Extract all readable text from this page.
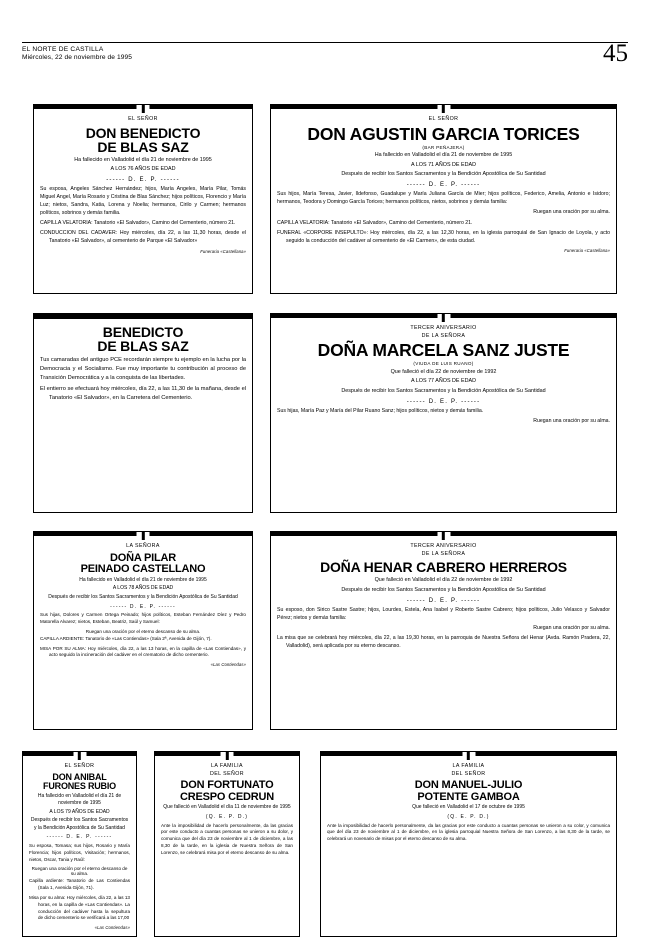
EL NORTE DE CASTILLA
Miércoles, 22 de noviembre de 1995	45
EL SEÑOR
DON BENEDICTO
DE BLAS SAZ
Ha fallecido en Valladolid el día 21 de noviembre de 1995
A LOS 76 AÑOS DE EDAD
------ D. E. P. ------
Su esposa, Angeles Sánchez Hernández; hijos, María Angeles, María Pilar, Tomás Miguel Angel, María Rosario y Cristina de Blas Sánchez; hijos políticos, Florencio y María Luz; nietos, Sandra, Katia, Lorena y Noelia; hermanos, Cirilo y Carmen; hermanos políticos, sobrinos y demás familia.
CAPILLA VELATORIA: Tanatorio «El Salvador», Camino del Cementerio, número 21.
CONDUCCION DEL CADAVER: Hoy miércoles, día 22, a las 11,30 horas, desde el Tanatorio «El Salvador», al cementerio de Parque «El Salvador»
Funeraria «Castellana»
EL SEÑOR
DON AGUSTIN GARCIA TORICES
(BAR PEÑAJERA)
Ha fallecido en Valladolid el día 21 de noviembre de 1995
A LOS 71 AÑOS DE EDAD
Después de recibir los Santos Sacramentos y la Bendición Apostólica de Su Santidad
------ D. E. P. ------
Sus hijos, María Teresa, Javier, Ildefonso, Guadalupe y María Juliana García de Mier; hijos políticos, Federico, Amelia, Antonio e Isidoro; hermanos, Teodora y Domingo García Torices; hermanos políticos, nietos, sobrinos y demás familia:
Ruegan una oración por su alma.
CAPILLA VELATORIA: Tanatorio «El Salvador», Camino del Cementerio, número 21.
FUNERAL «CORPORE INSEPULTO»: Hoy miércoles, día 22, a las 12,30 horas, en la iglesia parroquial de San Ignacio de Loyola, y acto seguido la conducción del cadáver al cementerio de «El Carmen», de esta ciudad.
Funeraria «Castellana»
BENEDICTO
DE BLAS SAZ
Tus camaradas del antiguo PCE recordarán siempre tu ejemplo en la lucha por la Democracia y el Socialismo. Fue muy importante tu contribución al proceso de Transición Democrática y a la conquista de las libertades.
El entierro se efectuará hoy miércoles, día 22, a las 11,30 de la mañana, desde el Tanatorio «El Salvador», en la Carretera del Cementerio.
TERCER ANIVERSARIO
DE LA SEÑORA
DOÑA MARCELA SANZ JUSTE
(VIUDA DE LUIS RUANO)
Que falleció el día 22 de noviembre de 1992
A LOS 77 AÑOS DE EDAD
Después de recibir los Santos Sacramentos y la Bendición Apostólica de Su Santidad
------ D. E. P. ------
Sus hijas, María Paz y María del Pilar Ruano Sanz; hijos políticos, nietos y demás familia.
Ruegan una oración por su alma.
LA SEÑORA
DOÑA PILAR
PEINADO CASTELLANO
Ha fallecido en Valladolid el día 21 de noviembre de 1995
A LOS 78 AÑOS DE EDAD
Después de recibir los Santos Sacramentos y la Bendición Apostólica de Su Santidad
------ D. E. P. ------
Sus hijas, Dolores y Carmen Ortega Peinado; hijos políticos, Esteban Fernández Díez y Pedro Matorella Alvarez; nietos, Esteban, Beatriz, Saúl y Samuel:
Ruegan una oración por el eterno descanso de su alma.
CAPILLA ARDIENTE: Tanatorio de «Las Contiendas» (Sala 2ª, Avenida de Gijón, 7).
MISA POR SU ALMA: Hoy miércoles, día 22, a las 13 horas, en la capilla de «Las Contiendas», y acto seguido la incineración del cadáver en el crematorio de dicho cementerio.
«Las Contiendas»
TERCER ANIVERSARIO
DE LA SEÑORA
DOÑA HENAR CABRERO HERREROS
Que falleció en Valladolid el día 22 de noviembre de 1992
Después de recibir los Santos Sacramentos y la Bendición Apostólica de Su Santidad
------ D. E. P. ------
Su esposo, don Sirico Sastre Sastre; hijos, Lourdes, Estela, Ana Isabel y Roberto Sastre Cabrero; hijos políticos, Julio Velasco y Salvador Pérez; nietos y demás familia:
Ruegan una oración por su alma.
La misa que se celebrará hoy miércoles, día 22, a las 19,30 horas, en la parroquia de Nuestra Señora del Henar (Avda. Ramón Pradera, 22, Valladolid), será aplicada por su eterno descanso.
EL SEÑOR
DON ANIBAL
FURONES RUBIO
Ha fallecido en Valladolid el día 21 de noviembre de 1995
A LOS 79 AÑOS DE EDAD
Después de recibir los Santos Sacramentos y la Bendición Apostólica de Su Santidad
------ D. E. P. ------
Su esposa, Tomasa; sus hijos, Rosario y María Florencia; hijos políticos, Visitación; hermanos, nietos, Oscar, Tania y Raúl:
Ruegan una oración por el eterno descanso de su alma.
Capilla ardiente: Tanatorio de Las Contiendas (Sala 1, Avenida Gijón, 71).
Misa por su alma: Hoy miércoles, día 22, a las 13 horas, en la capilla de «Las Contiendas». La conducción del cadáver hasta la sepultura de dicho cementerio se verificará a las 17,00
«Las Contiendas»
LA FAMILIA
DEL SEÑOR
DON FORTUNATO
CRESPO CEDRUN
Que falleció en Valladolid el día 11 de noviembre de 1995
(Q. E. P. D.)
Ante la imposibilidad de hacerlo personalmente, da las gracias por este conducto a cuantas personas se unieron a su dolor, y comunica que del día 23 de noviembre al 1 de diciembre, a las 8,30 de la tarde, en la iglesia de Nuestra Señora de San Lorenzo, se celebrará misa por el eterno descanso de su alma.
LA FAMILIA
DEL SEÑOR
DON MANUEL-JULIO
POTENTE GAMBOA
Que falleció en Valladolid el 17 de octubre de 1995
(Q. E. P. D.)
Ante la imposibilidad de hacerlo personalmente, da las gracias por este conducto a cuantas personas se unieron a su color, y comunica que del día 23 de noviembre al 1 de diciembre, en la iglesia parroquial Nuestra Señora de San Lorenzo, a las 8,30 de la tarde, se celebrará un novenario de misas por el eterno descanso de su alma.
